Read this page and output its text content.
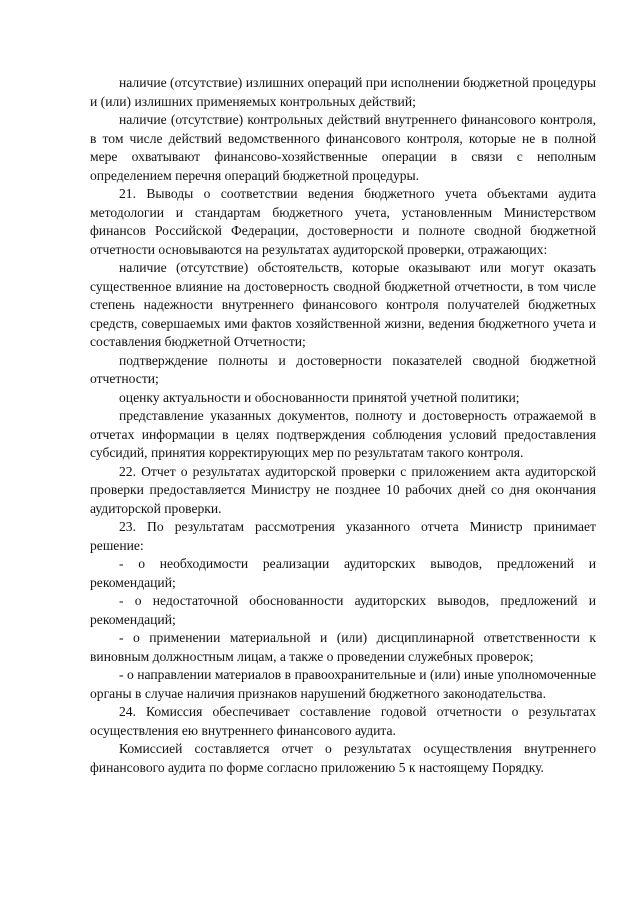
наличие (отсутствие) излишних операций при исполнении бюджетной процедуры и (или) излишних применяемых контрольных действий;

наличие (отсутствие) контрольных действий внутреннего финансового контроля, в том числе действий ведомственного финансового контроля, которые не в полной мере охватывают финансово-хозяйственные операции в связи с неполным определением перечня операций бюджетной процедуры.

21. Выводы о соответствии ведения бюджетного учета объектами аудита методологии и стандартам бюджетного учета, установленным Министерством финансов Российской Федерации, достоверности и полноте сводной бюджетной отчетности основываются на результатах аудиторской проверки, отражающих:

наличие (отсутствие) обстоятельств, которые оказывают или могут оказать существенное влияние на достоверность сводной бюджетной отчетности, в том числе степень надежности внутреннего финансового контроля получателей бюджетных средств, совершаемых ими фактов хозяйственной жизни, ведения бюджетного учета и составления бюджетной Отчетности;

подтверждение полноты и достоверности показателей сводной бюджетной отчетности;

оценку актуальности и обоснованности принятой учетной политики;

представление указанных документов, полноту и достоверность отражаемой в отчетах информации в целях подтверждения соблюдения условий предоставления субсидий, принятия корректирующих мер по результатам такого контроля.

22. Отчет о результатах аудиторской проверки с приложением акта аудиторской проверки предоставляется Министру не позднее 10 рабочих дней со дня окончания аудиторской проверки.

23. По результатам рассмотрения указанного отчета Министр принимает решение:

- о необходимости реализации аудиторских выводов, предложений и рекомендаций;

- о недостаточной обоснованности аудиторских выводов, предложений и рекомендаций;

- о применении материальной и (или) дисциплинарной ответственности к виновным должностным лицам, а также о проведении служебных проверок;

- о направлении материалов в правоохранительные и (или) иные уполномоченные органы в случае наличия признаков нарушений бюджетного законодательства.

24. Комиссия обеспечивает составление годовой отчетности о результатах осуществления ею внутреннего финансового аудита.

Комиссией составляется отчет о результатах осуществления внутреннего финансового аудита по форме согласно приложению 5 к настоящему Порядку.
